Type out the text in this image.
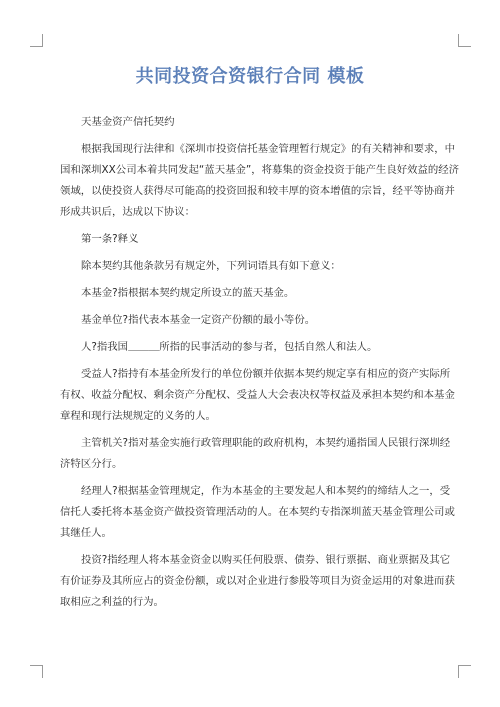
共同投资合资银行合同 模板

天基金资产信托契约

根据我国现行法律和《深圳市投资信托基金管理暂行规定》的有关精神和要求，中国和深圳XX公司本着共同发起“蓝天基金”，将募集的资金投资于能产生良好效益的经济领域，以使投资人获得尽可能高的投资回报和较丰厚的资本增值的宗旨，经平等协商并形成共识后，达成以下协议：

第一条?释义

除本契约其他条款另有规定外，下列词语具有如下意义：

本基金?指根据本契约规定所设立的蓝天基金。

基金单位?指代表本基金一定资产份额的最小等份。

人?指我国＿＿＿所指的民事活动的参与者，包括自然人和法人。

受益人?指持有本基金所发行的单位份额并依据本契约规定享有相应的资产实际所有权、收益分配权、剩余资产分配权、受益人大会表决权等权益及承担本契约和本基金章程和现行法规规定的义务的人。

主管机关?指对基金实施行政管理职能的政府机构，本契约通指国人民银行深圳经济特区分行。

经理人?根据基金管理规定，作为本基金的主要发起人和本契约的缔结人之一，受信托人委托将本基金资产做投资管理活动的人。在本契约专指深圳蓝天基金管理公司或其继任人。

投资?指经理人将本基金资金以购买任何股票、债券、银行票据、商业票据及其它有价证券及其所应占的资金份额，或以对企业进行参股等项目为资金运用的对象进而获取相应之利益的行为。
